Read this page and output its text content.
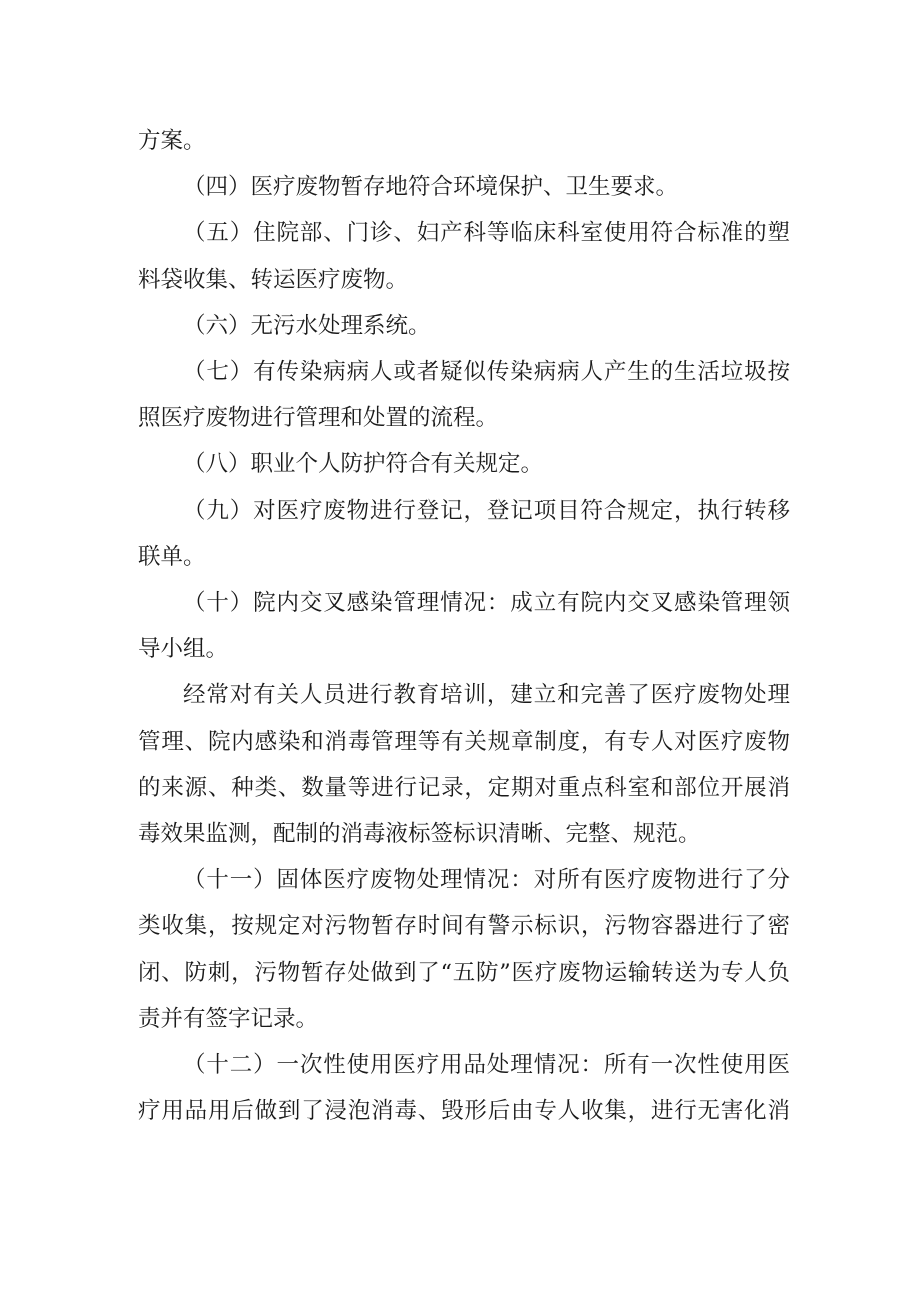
方案。

（四）医疗废物暂存地符合环境保护、卫生要求。

（五）住院部、门诊、妇产科等临床科室使用符合标准的塑料袋收集、转运医疗废物。

（六）无污水处理系统。

（七）有传染病病人或者疑似传染病病人产生的生活垃圾按照医疗废物进行管理和处置的流程。

（八）职业个人防护符合有关规定。

（九）对医疗废物进行登记，登记项目符合规定，执行转移联单。

（十）院内交叉感染管理情况：成立有院内交叉感染管理领导小组。

经常对有关人员进行教育培训，建立和完善了医疗废物处理管理、院内感染和消毒管理等有关规章制度，有专人对医疗废物的来源、种类、数量等进行记录，定期对重点科室和部位开展消毒效果监测，配制的消毒液标签标识清晰、完整、规范。

（十一）固体医疗废物处理情况：对所有医疗废物进行了分类收集，按规定对污物暂存时间有警示标识，污物容器进行了密闭、防刺，污物暂存处做到了“五防”医疗废物运输转送为专人负责并有签字记录。

（十二）一次性使用医疗用品处理情况：所有一次性使用医疗用品用后做到了浸泡消毒、毁形后由专人收集，进行无害化消
